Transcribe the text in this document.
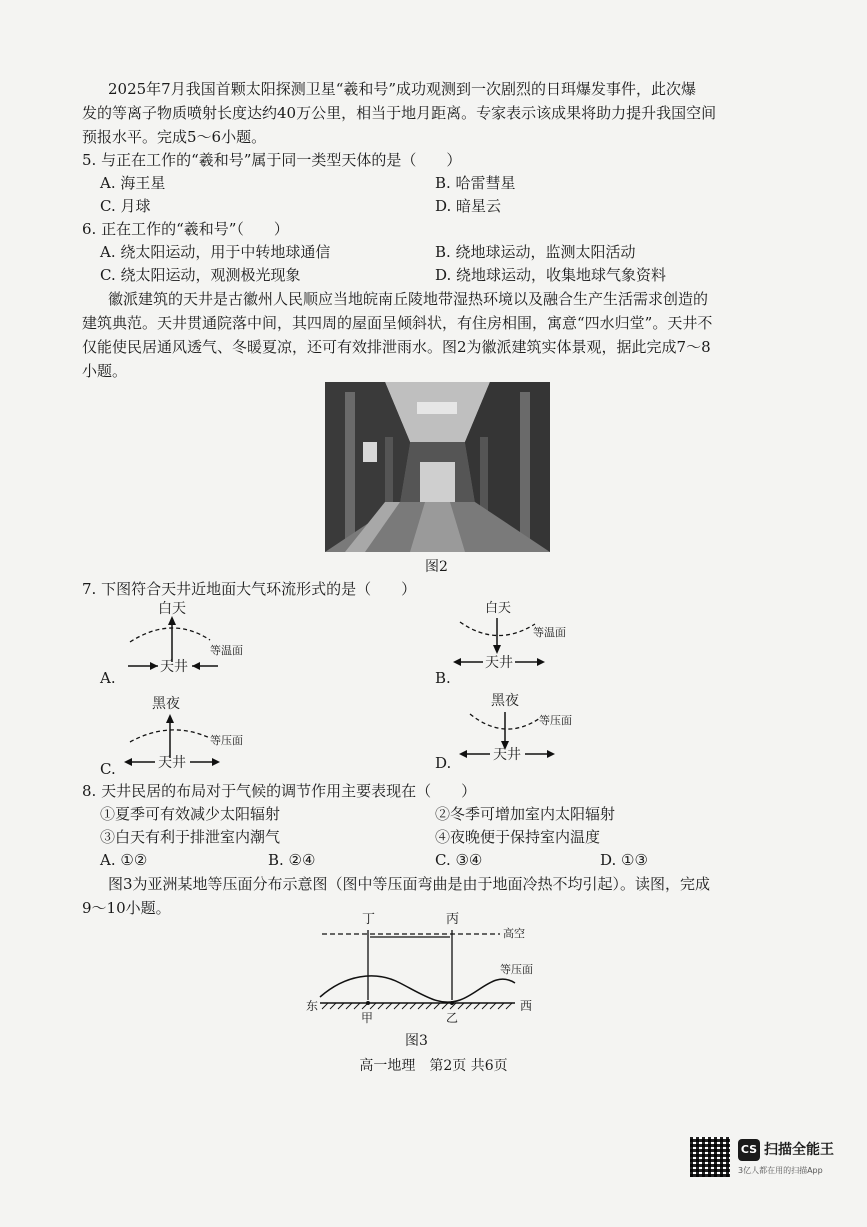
2025年7月我国首颗太阳探测卫星“羲和号”成功观测到一次剧烈的日珥爆发事件，此次爆
发的等离子物质喷射长度达约40万公里，相当于地月距离。专家表示该成果将助力提升我国空间
预报水平。完成5～6小题。
5. 与正在工作的“羲和号”属于同一类型天体的是（　　）
A. 海王星	B. 哈雷彗星
C. 月球	D. 暗星云
6. 正在工作的“羲和号”（　　）
A. 绕太阳运动，用于中转地球通信	B. 绕地球运动，监测太阳活动
C. 绕太阳运动，观测极光现象	D. 绕地球运动，收集地球气象资料
徽派建筑的天井是古徽州人民顺应当地皖南丘陵地带湿热环境以及融合生产生活需求创造的
建筑典范。天井贯通院落中间，其四周的屋面呈倾斜状，有住房相围，寓意“四水归堂”。天井不
仅能使民居通风透气、冬暖夏凉，还可有效排泄雨水。图2为徽派建筑实体景观，据此完成7～8
小题。
图2
7. 下图符合天井近地面大气环流形式的是（　　）
白天
等温面
天井
A.
白天
等温面
天井
B.
黑夜
等压面
天井
C.
黑夜
等压面
天井
D.
8. 天井民居的布局对于气候的调节作用主要表现在（　　）
①夏季可有效减少太阳辐射	②冬季可增加室内太阳辐射
③白天有利于排泄室内潮气	④夜晚便于保持室内温度
A. ①②	B. ②④	C. ③④	D. ①③
图3为亚洲某地等压面分布示意图（图中等压面弯曲是由于地面冷热不均引起）。读图，完成
9～10小题。
丁	丙
高空
等压面
东	西
甲	乙
图3
高一地理　第2页 共6页
CS 扫描全能王
3亿人都在用的扫描App
